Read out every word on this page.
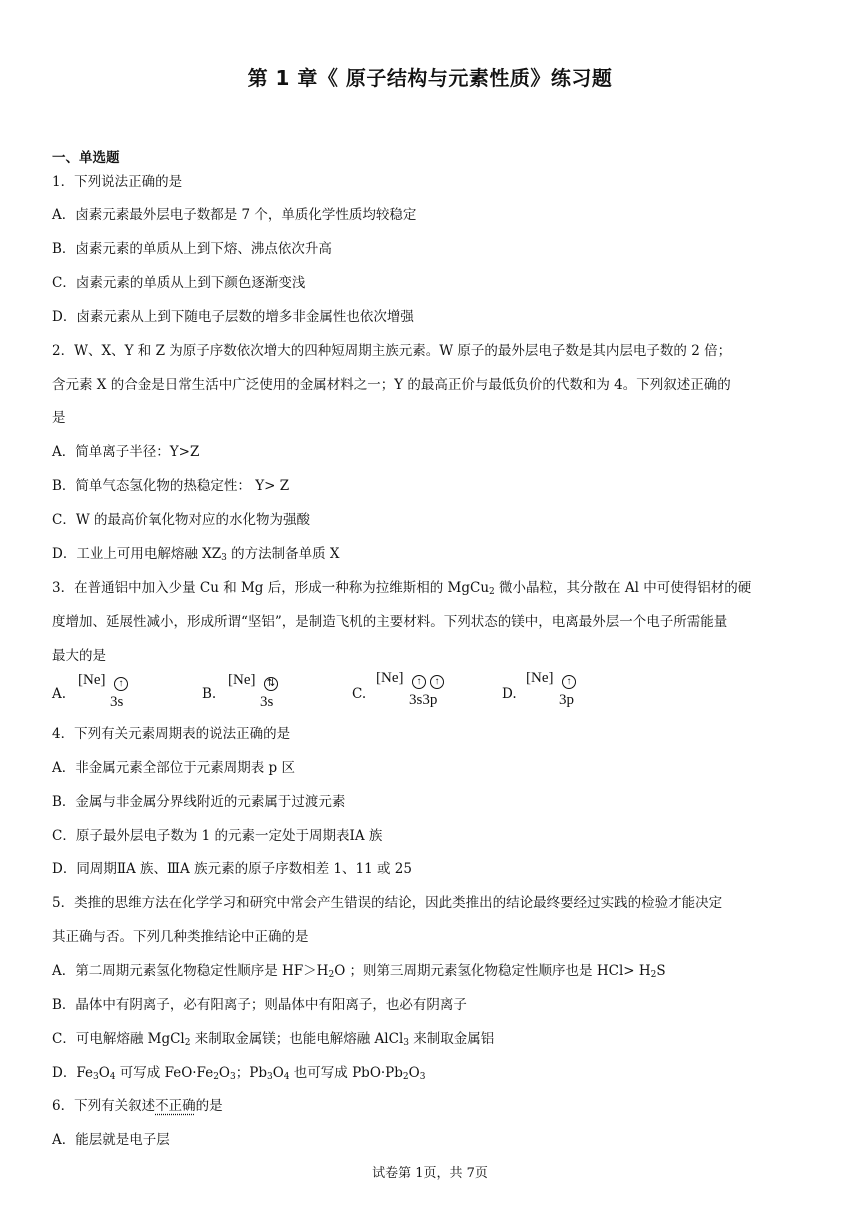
第 1 章《 原子结构与元素性质》练习题
一、单选题
1．下列说法正确的是
A．卤素元素最外层电子数都是 7 个，单质化学性质均较稳定
B．卤素元素的单质从上到下熔、沸点依次升高
C．卤素元素的单质从上到下颜色逐渐变浅
D．卤素元素从上到下随电子层数的增多非金属性也依次增强
2．W、X、Y 和 Z 为原子序数依次增大的四种短周期主族元素。W 原子的最外层电子数是其内层电子数的 2 倍；
含元素 X 的合金是日常生活中广泛使用的金属材料之一；Y 的最高正价与最低负价的代数和为 4。下列叙述正确的
是
A．简单离子半径：Y>Z
B．简单气态氢化物的热稳定性： Y> Z
C．W 的最高价氧化物对应的水化物为强酸
D．工业上可用电解熔融 $XZ_3$ 的方法制备单质 X
3．在普通铝中加入少量 Cu 和 Mg 后，形成一种称为拉维斯相的 MgCu$_2$ 微小晶粒，其分散在 Al 中可使得铝材的硬
度增加、延展性减小，形成所谓“坚铝”，是制造飞机的主要材料。下列状态的镁中，电离最外层一个电子所需能量
最大的是
A.
[Ne]	↑
3s	B.
[Ne] ⇅
3s	C.
[Ne]	↑	↑
3s3p	D.
[Ne]	↑
3p
4．下列有关元素周期表的说法正确的是
A．非金属元素全部位于元素周期表 p 区
B．金属与非金属分界线附近的元素属于过渡元素
C．原子最外层电子数为 1 的元素一定处于周期表ⅠA 族
D．同周期ⅡA 族、ⅢA 族元素的原子序数相差 1、11 或 25
5．类推的思维方法在化学学习和研究中常会产生错误的结论，因此类推出的结论最终要经过实践的检验才能决定
其正确与否。下列几种类推结论中正确的是
A．第二周期元素氢化物稳定性顺序是 $HF>H_2O$ ；则第三周期元素氢化物稳定性顺序也是 $HCl> H_2S$
B．晶体中有阴离子，必有阳离子；则晶体中有阳离子，也必有阴离子
C．可电解熔融 MgCl$_2$ 来制取金属镁；也能电解熔融 AlCl$_3$ 来制取金属铝
D．$Fe_3O_4$ 可写成 $FeO\cdot Fe_2O_3$；$Pb_3O_4$ 也可写成 $PbO\cdot Pb_2O_3$
6．下列有关叙述不正确的是
A．能层就是电子层
试卷第 1页，共 7页
